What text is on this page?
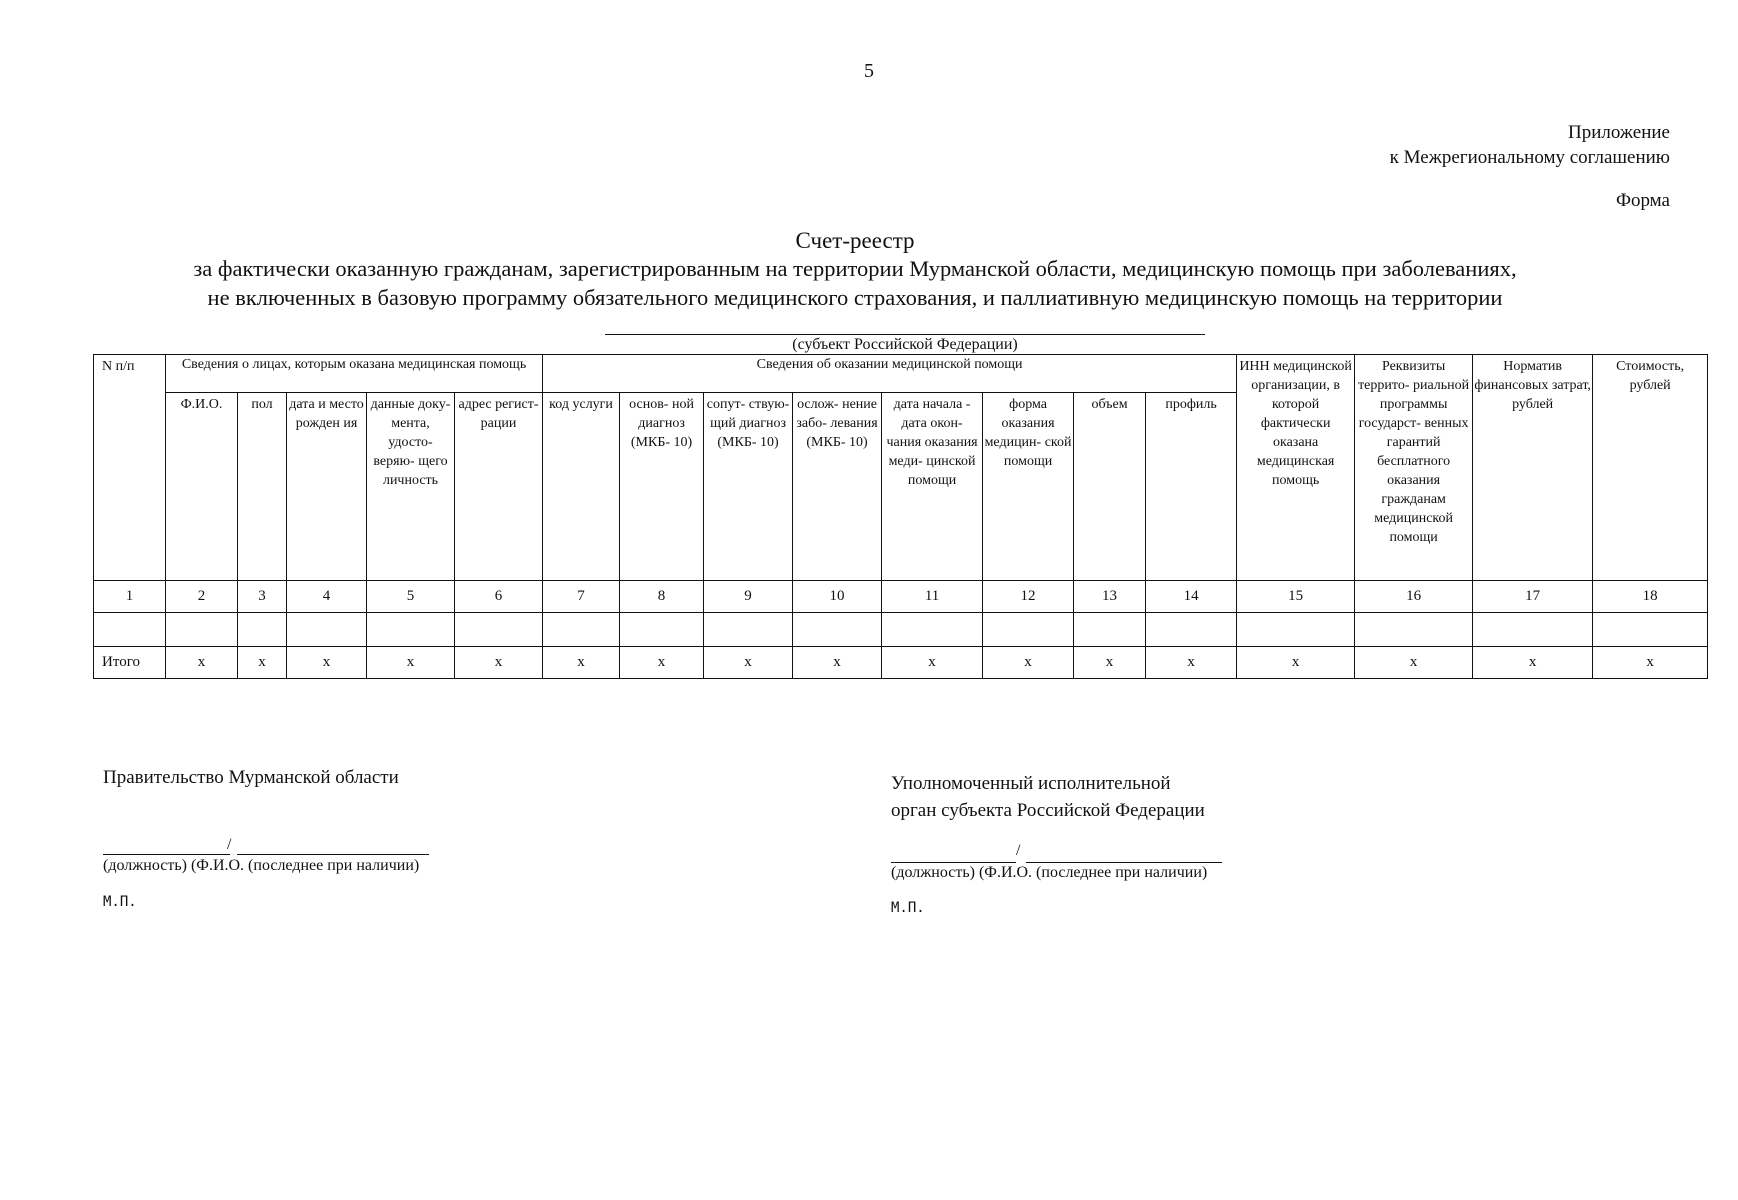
5
Приложение
к Межрегиональному соглашению
Форма
Счет-реестр
за фактически оказанную гражданам, зарегистрированным на территории Мурманской области, медицинскую помощь при заболеваниях,
не включенных в базовую программу обязательного медицинского страхования, и паллиативную медицинскую помощь на территории
(субъект Российской Федерации)
N п/п	Сведения о лицах, которым оказана медицинская помощь					Сведения об оказании медицинской помощи								ИНН медицинской организации, в которой фактически оказана медицинская помощь	Реквизиты террито- риальной программы государст- венных гарантий бесплатного оказания гражданам медицинской помощи	Норматив финансовых затрат, рублей	Стоимость, рублей
	Ф.И.О.	пол	дата и место рожден ия	данные доку- мента, удосто- веряю- щего личность	адрес регист- рации	код услуги	основ- ной диагноз (МКБ- 10)	сопут- ствую- щий диагноз (МКБ- 10)	ослож- нение забо- левания (МКБ- 10)	дата начала - дата окон- чания оказания меди- цинской помощи	форма оказания медицин- ской помощи	объем	профиль				
1	2	3	4	5	6	7	8	9	10	11	12	13	14	15	16	17	18

Итого	x	x	x	x	x	x	x	x	x	x	x	x	x	x	x	x	x
Правительство Мурманской области
/
(должность) (Ф.И.О. (последнее при наличии)
М.П.
Уполномоченный исполнительной
орган субъекта Российской Федерации
/
(должность) (Ф.И.О. (последнее при наличии)
М.П.
